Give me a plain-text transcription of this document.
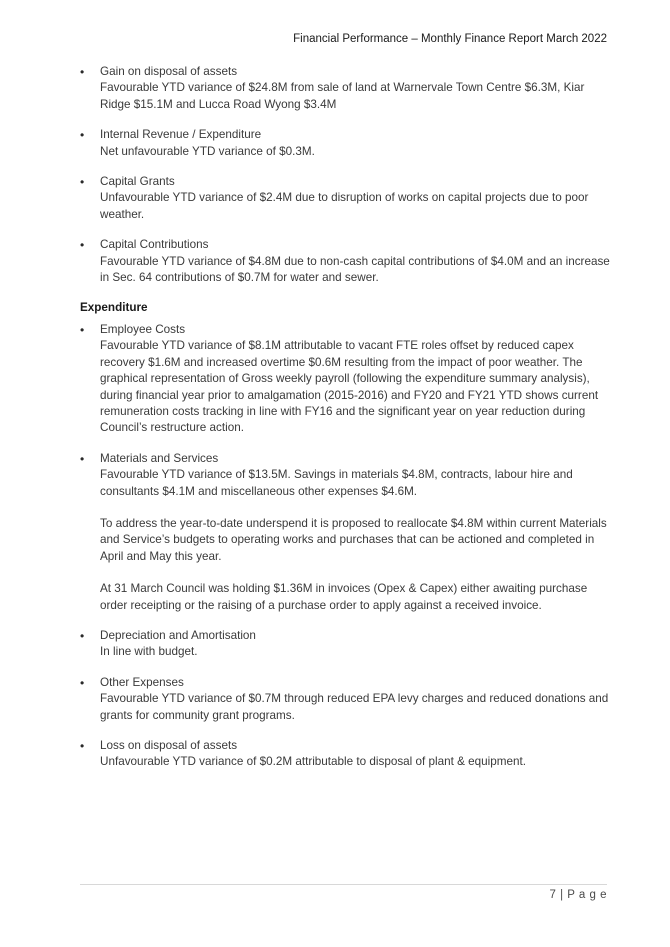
Financial Performance – Monthly Finance Report March 2022
• Gain on disposal of assets
Favourable YTD variance of $24.8M from sale of land at Warnervale Town Centre $6.3M, Kiar Ridge $15.1M and Lucca Road Wyong $3.4M
• Internal Revenue / Expenditure
Net unfavourable YTD variance of $0.3M.
• Capital Grants
Unfavourable YTD variance of $2.4M due to disruption of works on capital projects due to poor weather.
• Capital Contributions
Favourable YTD variance of $4.8M due to non-cash capital contributions of $4.0M and an increase in Sec. 64 contributions of $0.7M for water and sewer.
Expenditure
• Employee Costs
Favourable YTD variance of $8.1M attributable to vacant FTE roles offset by reduced capex recovery $1.6M and increased overtime $0.6M resulting from the impact of poor weather. The graphical representation of Gross weekly payroll (following the expenditure summary analysis), during financial year prior to amalgamation (2015-2016) and FY20 and FY21 YTD shows current remuneration costs tracking in line with FY16 and the significant year on year reduction during Council’s restructure action.
• Materials and Services
Favourable YTD variance of $13.5M. Savings in materials $4.8M, contracts, labour hire and consultants $4.1M and miscellaneous other expenses $4.6M.
To address the year-to-date underspend it is proposed to reallocate $4.8M within current Materials and Service’s budgets to operating works and purchases that can be actioned and completed in April and May this year.
At 31 March Council was holding $1.36M in invoices (Opex & Capex) either awaiting purchase order receipting or the raising of a purchase order to apply against a received invoice.
• Depreciation and Amortisation
In line with budget.
• Other Expenses
Favourable YTD variance of $0.7M through reduced EPA levy charges and reduced donations and grants for community grant programs.
• Loss on disposal of assets
Unfavourable YTD variance of $0.2M attributable to disposal of plant & equipment.
7 | P a g e
